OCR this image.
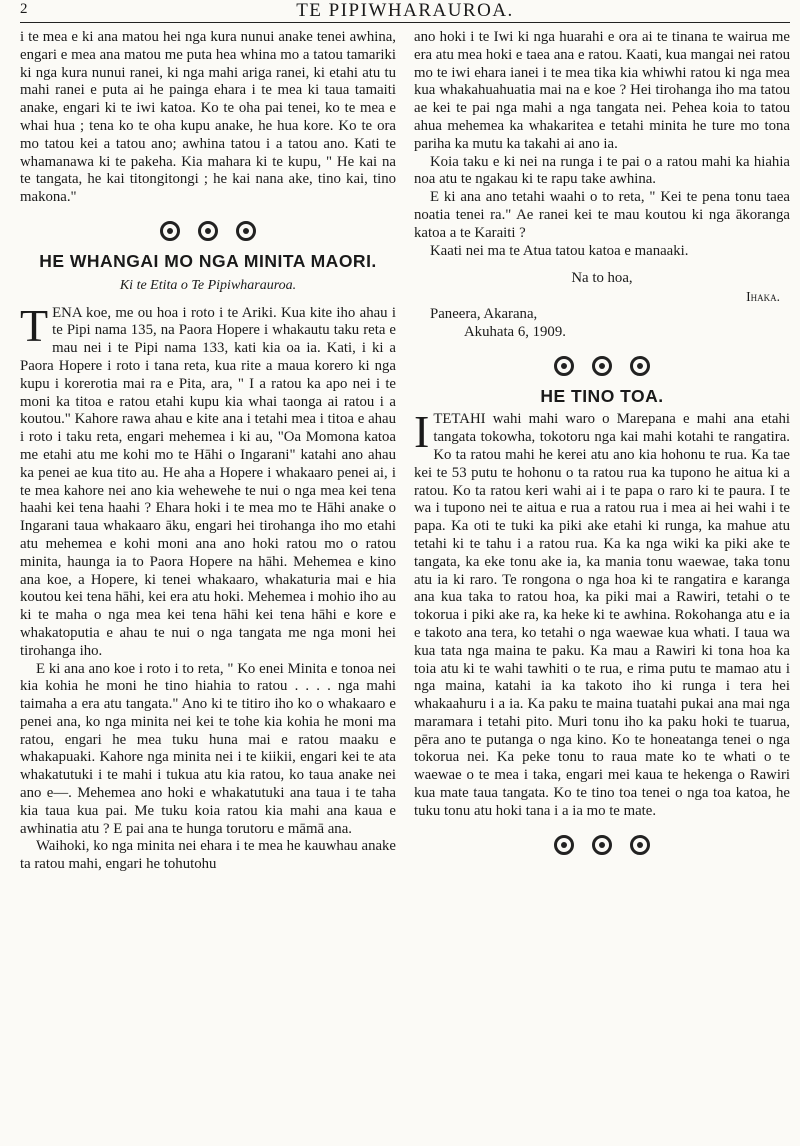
2	TE PIPIWHARAUROA.

i te mea e ki ana matou hei nga kura nunui anake tenei awhina, engari e mea ana matou me puta hea whina mo a tatou tamariki ki nga kura nunui ranei, ki nga mahi ariga ranei, ki etahi atu tu mahi ranei e puta ai he painga ehara i te mea ki taua tamaiti anake, engari ki te iwi katoa. Ko te oha pai tenei, ko te mea e whai hua ; tena ko te oha kupu anake, he hua kore. Ko te ora mo tatou kei a tatou ano; awhina tatou i a tatou ano. Kati te whamanawa ki te pakeha. Kia mahara ki te kupu, " He kai na te tangata, he kai titongitongi ; he kai nana ake, tino kai, tino makona."

HE WHANGAI MO NGA MINITA MAORI.
Ki te Etita o Te Pipiwharauroa.

TENA koe, me ou hoa i roto i te Ariki. Kua kite iho ahau i te Pipi nama 135, na Paora Hopere i whakautu taku reta e mau nei i te Pipi nama 133, kati kia oa ia. Kati, i ki a Paora Hopere i roto i tana reta, kua rite a maua korero ki nga kupu i korerotia mai ra e Pita, ara, " I a ratou ka apo nei i te moni ka titoa e ratou etahi kupu kia whai taonga ai ratou i a koutou." Kahore rawa ahau e kite ana i tetahi mea i titoa e ahau i roto i taku reta, engari mehemea i ki au, "Oa Momona katoa me etahi atu me kohi mo te Hāhi o Ingarani" katahi ano ahau ka penei ae kua tito au. He aha a Hopere i whakaaro penei ai, i te mea kahore nei ano kia wehewehe te nui o nga mea kei tena haahi kei tena haahi ? Ehara hoki i te mea mo te Hāhi anake o Ingarani taua whakaaro āku, engari hei tirohanga iho mo etahi atu mehemea e kohi moni ana ano hoki ratou mo o ratou minita, haunga ia to Paora Hopere na hāhi. Mehemea e kino ana koe, a Hopere, ki tenei whakaaro, whakaturia mai e hia koutou kei tena hāhi, kei era atu hoki. Mehemea i mohio iho au ki te maha o nga mea kei tena hāhi kei tena hāhi e kore e whakatoputia e ahau te nui o nga tangata me nga moni hei tirohanga iho.

E ki ana ano koe i roto i to reta, " Ko enei Minita e tonoa nei kia kohia he moni he tino hiahia to ratou . . . . nga mahi taimaha a era atu tangata." Ano ki te titiro iho ko o whakaaro e penei ana, ko nga minita nei kei te tohe kia kohia he moni ma ratou, engari he mea tuku huna mai e ratou maaku e whakapuaki. Kahore nga minita nei i te kiikii, engari kei te ata whakatutuki i te mahi i tukua atu kia ratou, ko taua anake nei ano e—. Mehemea ano hoki e whakatutuki ana taua i te taha kia taua kua pai. Me tuku koia ratou kia mahi ana kaua e awhinatia atu ? E pai ana te hunga torutoru e māmā ana.

Waihoki, ko nga minita nei ehara i te mea he kauwhau anake ta ratou mahi, engari he tohutohu

ano hoki i te Iwi ki nga huarahi e ora ai te tinana te wairua me era atu mea hoki e taea ana e ratou. Kaati, kua mangai nei ratou mo te iwi ehara ianei i te mea tika kia whiwhi ratou ki nga mea kua whakahuahuatia mai na e koe ? Hei tirohanga iho ma tatou ae kei te pai nga mahi a nga tangata nei. Pehea koia to tatou ahua mehemea ka whakaritea e tetahi minita he ture mo tona pariha ka mutu ka takahi ai ano ia.

Koia taku e ki nei na runga i te pai o a ratou mahi ka hiahia noa atu te ngakau ki te rapu take awhina.

E ki ana ano tetahi waahi o to reta, " Kei te pena tonu taea noatia tenei ra." Ae ranei kei te mau koutou ki nga ākoranga katoa a te Karaiti ?

Kaati nei ma te Atua tatou katoa e manaaki.

Na to hoa,
Ihaka.
Paneera, Akarana,
Akuhata 6, 1909.
HE TINO TOA.

ITETAHI wahi mahi waro o Marepana e mahi ana etahi tangata tokowha, tokotoru nga kai mahi kotahi te rangatira. Ko ta ratou mahi he kerei atu ano kia hohonu te rua. Ka tae kei te 53 putu te hohonu o ta ratou rua ka tupono he aitua ki a ratou. Ko ta ratou keri wahi ai i te papa o raro ki te paura. I te wa i tupono nei te aitua e rua a ratou rua i mea ai hei wahi i te papa. Ka oti te tuki ka piki ake etahi ki runga, ka mahue atu tetahi ki te tahu i a ratou rua. Ka ka nga wiki ka piki ake te tangata, ka eke tonu ake ia, ka mania tonu waewae, taka tonu atu ia ki raro. Te rongona o nga hoa ki te rangatira e karanga ana kua taka to ratou hoa, ka piki mai a Rawiri, tetahi o te tokorua i piki ake ra, ka heke ki te awhina. Rokohanga atu e ia e takoto ana tera, ko tetahi o nga waewae kua whati. I taua wa kua tata nga maina te paku. Ka mau a Rawiri ki tona hoa ka toia atu ki te wahi tawhiti o te rua, e rima putu te mamao atu i nga maina, katahi ia ka takoto iho ki runga i tera hei whakaahuru i a ia. Ka paku te maina tuatahi pukai ana mai nga maramara i tetahi pito. Muri tonu iho ka paku hoki te tuarua, pēra ano te putanga o nga kino. Ko te honeatanga tenei o nga tokorua nei. Ka peke tonu to raua mate ko te whati o te waewae o te mea i taka, engari mei kaua te hekenga o Rawiri kua mate taua tangata. Ko te tino toa tenei o nga toa katoa, he tuku tonu atu hoki tana i a ia mo te mate.
